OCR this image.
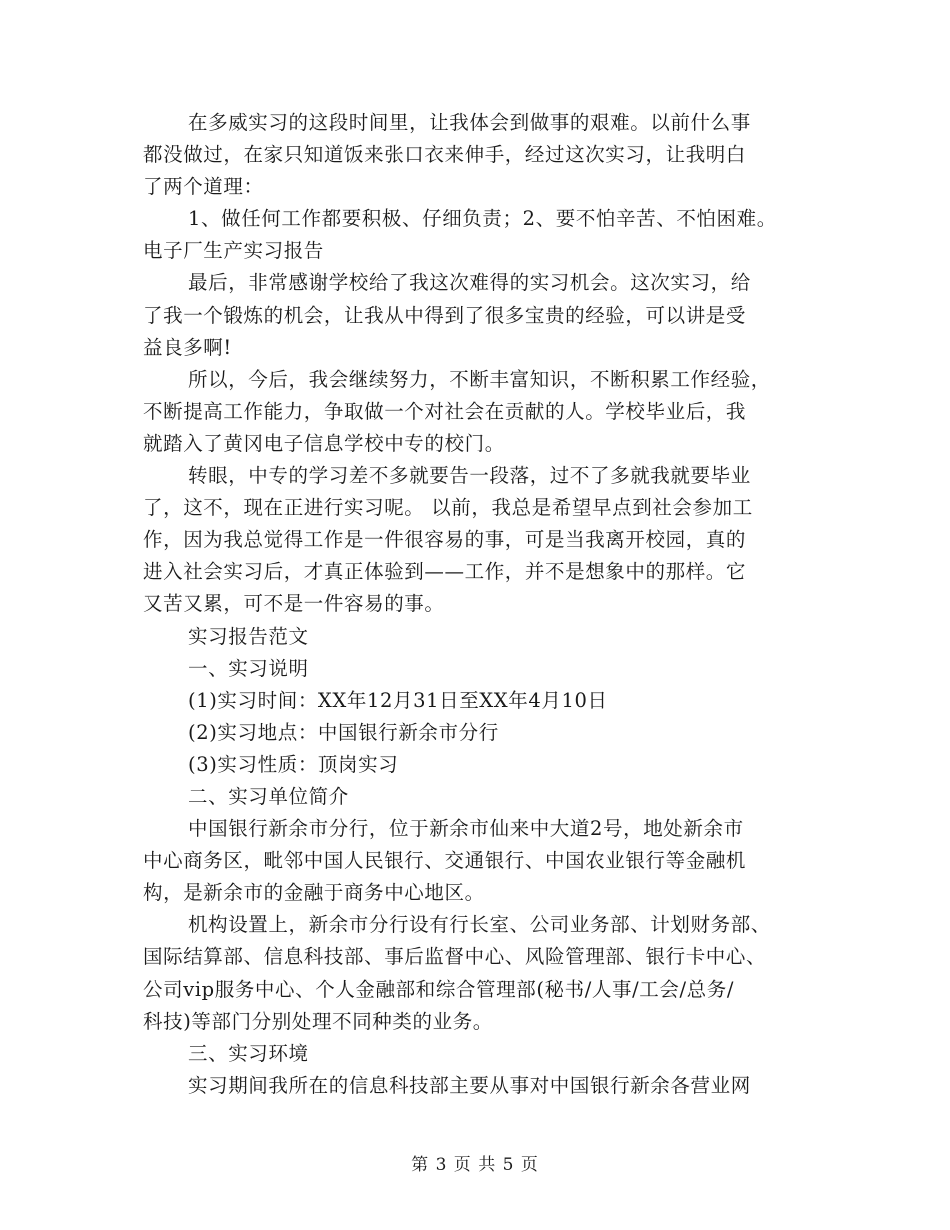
在多威实习的这段时间里，让我体会到做事的艰难。以前什么事
都没做过，在家只知道饭来张口衣来伸手，经过这次实习，让我明白
了两个道理：
1、做任何工作都要积极、仔细负责；2、要不怕辛苦、不怕困难。
电子厂生产实习报告
最后，非常感谢学校给了我这次难得的实习机会。这次实习，给
了我一个锻炼的机会，让我从中得到了很多宝贵的经验，可以讲是受
益良多啊!
所以，今后，我会继续努力，不断丰富知识，不断积累工作经验，
不断提高工作能力，争取做一个对社会在贡献的人。学校毕业后，我
就踏入了黄冈电子信息学校中专的校门。
转眼，中专的学习差不多就要告一段落，过不了多就我就要毕业
了，这不，现在正进行实习呢。 以前，我总是希望早点到社会参加工
作，因为我总觉得工作是一件很容易的事，可是当我离开校园，真的
进入社会实习后，才真正体验到——工作，并不是想象中的那样。它
又苦又累，可不是一件容易的事。
实习报告范文
一、实习说明
(1)实习时间：XX年12月31日至XX年4月10日
(2)实习地点：中国银行新余市分行
(3)实习性质：顶岗实习
二、实习单位简介
中国银行新余市分行，位于新余市仙来中大道2号，地处新余市
中心商务区，毗邻中国人民银行、交通银行、中国农业银行等金融机
构，是新余市的金融于商务中心地区。
机构设置上，新余市分行设有行长室、公司业务部、计划财务部、
国际结算部、信息科技部、事后监督中心、风险管理部、银行卡中心、
公司vip服务中心、个人金融部和综合管理部(秘书/人事/工会/总务/
科技)等部门分别处理不同种类的业务。
三、实习环境
实习期间我所在的信息科技部主要从事对中国银行新余各营业网
第 3 页 共 5 页
